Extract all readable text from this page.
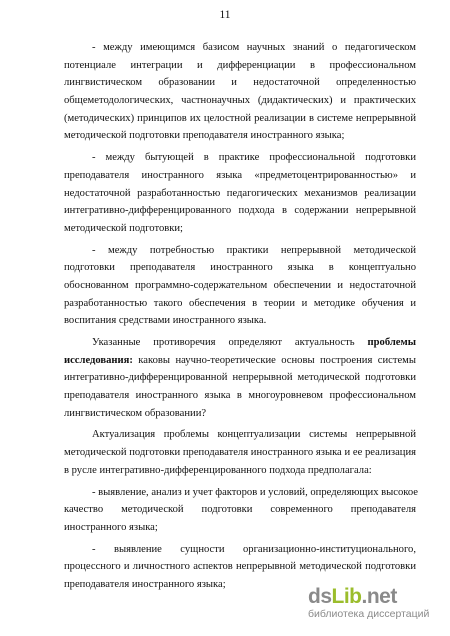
11
- между имеющимся базисом научных знаний о педагогическом
потенциале интеграции и дифференциации в профессиональном
лингвистическом образовании и недостаточной определенностью
общеметодологических, частнонаучных (дидактических) и практических
(методических) принципов их целостной реализации в системе непрерывной
методической подготовки преподавателя иностранного языка;
- между бытующей в практике профессиональной подготовки
преподавателя иностранного языка «предметоцентрированностью» и
недостаточной разработанностью педагогических механизмов реализации
интегративно-дифференцированного подхода в содержании непрерывной
методической подготовки;
- между потребностью практики непрерывной методической
подготовки преподавателя иностранного языка в концептуально
обоснованном программно-содержательном обеспечении и недостаточной
разработанностью такого обеспечения в теории и методике обучения и
воспитания средствами иностранного языка.
Указанные противоречия определяют актуальность проблемы
исследования: каковы научно-теоретические основы построения системы
интегративно-дифференцированной непрерывной методической подготовки
преподавателя иностранного языка в многоуровневом профессиональном
лингвистическом образовании?
Актуализация проблемы концептуализации системы непрерывной
методической подготовки преподавателя иностранного языка и ее реализация
в русле интегративно-дифференцированного подхода предполагала:
- выявление, анализ и учет факторов и условий, определяющих высокое
качество методической подготовки современного преподавателя
иностранного языка;
- выявление сущности организационно-институционального,
процессного и личностного аспектов непрерывной методической подготовки
преподавателя иностранного языка;
dsLib.net
библиотека диссертаций
